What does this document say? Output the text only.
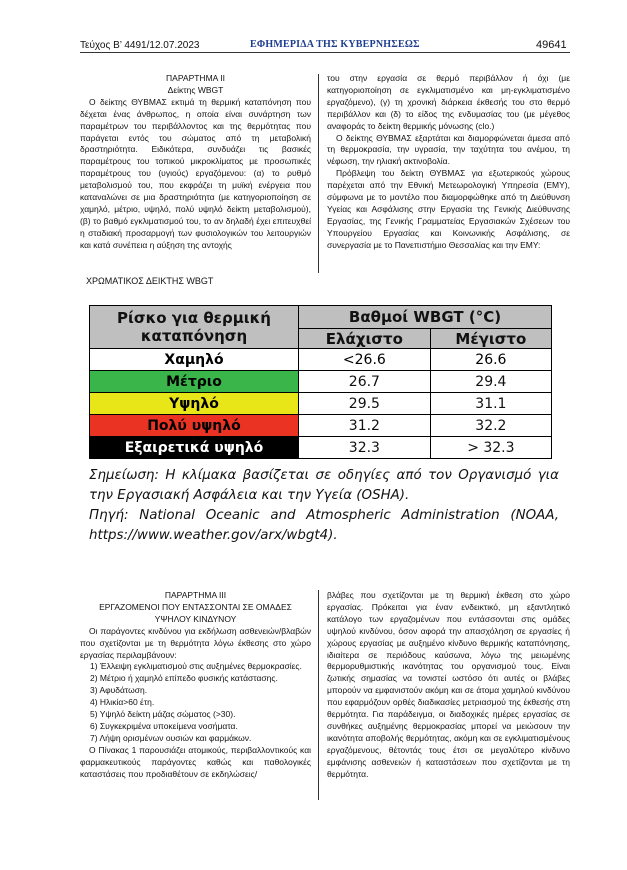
Τεύχος Β’ 4491/12.07.2023	ΕΦΗΜΕΡΙΔΑ ΤΗΣ ΚΥΒΕΡΝΗΣΕΩΣ	49641

ΠΑΡΑΡΤΗΜΑ ΙΙ

Δείκτης WBGT

Ο δείκτης ΘΥΒΜΑΣ εκτιμά τη θερμική καταπόνηση που δέχεται ένας άνθρωπος, η οποία είναι συνάρτηση των παραμέτρων του περιβάλλοντος και της θερμότητας που παράγεται εντός του σώματος από τη μεταβολική δραστηριότητα. Ειδικότερα, συνδυάζει τις βασικές παραμέτρους του τοπικού μικροκλίματος με προσωπικές παραμέτρους του (υγιούς) εργαζόμενου: (α) το ρυθμό μεταβολισμού του, που εκφράζει τη μυϊκή ενέργεια που καταναλώνει σε μια δραστηριότητα (με κατηγοριοποίηση σε χαμηλό, μέτριο, υψηλό, πολύ υψηλό δείκτη μεταβολισμού), (β) το βαθμό εγκλιματισμού του, το αν δηλαδή έχει επιτευχθεί η σταδιακή προσαρμογή των φυσιολογικών του λειτουργιών και κατά συνέπεια η αύξηση της αντοχής

του στην εργασία σε θερμό περιβάλλον ή όχι (με κατηγοριοποίηση σε εγκλιματισμένο και μη-εγκλιματισμένο εργαζόμενο), (γ) τη χρονική διάρκεια έκθεσής του στο θερμό περιβάλλον και (δ) το είδος της ενδυμασίας του (με μέγεθος αναφοράς το δείκτη θερμικής μόνωσης (clo.)

Ο δείκτης ΘΥΒΜΑΣ εξαρτάται και διαμορφώνεται άμεσα από τη θερμοκρασία, την υγρασία, την ταχύτητα του ανέμου, τη νέφωση, την ηλιακή ακτινοβολία.

Πρόβλεψη του δείκτη ΘΥΒΜΑΣ για εξωτερικούς χώρους παρέχεται από την Εθνική Μετεωρολογική Υπηρεσία (ΕΜΥ), σύμφωνα με το μοντέλο που διαμορφώθηκε από τη Διεύθυνση Υγείας και Ασφάλισης στην Εργασία της Γενικής Διεύθυνσης Εργασίας, της Γενικής Γραμματείας Εργασιακών Σχέσεων του Υπουργείου Εργασίας και Κοινωνικής Ασφάλισης, σε συνεργασία με το Πανεπιστήμιο Θεσσαλίας και την ΕΜΥ:

ΧΡΩΜΑΤΙΚΟΣ ΔΕΙΚΤΗΣ WBGT
Ρίσκο για θερμική καταπόνηση	Βαθμοί WBGT (°C)	
	Ελάχιστο	Μέγιστο
Χαμηλό	<26.6	26.6
Μέτριο	26.7	29.4
Υψηλό	29.5	31.1
Πολύ υψηλό	31.2	32.2
Εξαιρετικά υψηλό	32.3	> 32.3

Σημείωση: Η κλίμακα βασίζεται σε οδηγίες από τον Οργανισμό για την Εργασιακή Ασφάλεια και την Υγεία (OSHA).

Πηγή: National Oceanic and Atmospheric Administration (NOAA, https://www.weather.gov/arx/wbgt4).

ΠΑΡΑΡΤΗΜΑ ΙΙΙ

ΕΡΓΑΖΟΜΕΝΟΙ ΠΟΥ ΕΝΤΑΣΣΟΝΤΑΙ ΣΕ ΟΜΑΔΕΣ ΥΨΗΛΟΥ ΚΙΝΔΥΝΟΥ

Οι παράγοντες κινδύνου για εκδήλωση ασθενειών/βλαβών που σχετίζονται με τη θερμότητα λόγω έκθεσης στο χώρο εργασίας περιλαμβάνουν:

1) Έλλειψη εγκλιματισμού στις αυξημένες θερμοκρασίες.

2) Μέτριο ή χαμηλό επίπεδο φυσικής κατάστασης.

3) Αφυδάτωση.

4) Ηλικία>60 έτη.

5) Υψηλό δείκτη μάζας σώματος (>30).

6) Συγκεκριμένα υποκείμενα νοσήματα.

7) Λήψη ορισμένων ουσιών και φαρμάκων.

Ο Πίνακας 1 παρουσιάζει ατομικούς, περιβαλλοντικούς και φαρμακευτικούς παράγοντες καθώς και παθολογικές καταστάσεις που προδιαθέτουν σε εκδηλώσεις/

βλάβες που σχετίζονται με τη θερμική έκθεση στο χώρο εργασίας. Πρόκειται για έναν ενδεικτικό, μη εξαντλητικό κατάλογο των εργαζομένων που εντάσσονται στις ομάδες υψηλού κινδύνου, όσον αφορά την απασχόληση σε εργασίες ή χώρους εργασίας με αυξημένο κίνδυνο θερμικής καταπόνησης, ιδιαίτερα σε περιόδους καύσωνα, λόγω της μειωμένης θερμορυθμιστικής ικανότητας του οργανισμού τους. Είναι ζωτικής σημασίας να τονιστεί ωστόσο ότι αυτές οι βλάβες μπορούν να εμφανιστούν ακόμη και σε άτομα χαμηλού κινδύνου που εφαρμόζουν ορθές διαδικασίες μετριασμού της έκθεσής στη θερμότητα. Για παράδειγμα, οι διαδοχικές ημέρες εργασίας σε συνθήκες αυξημένης θερμοκρασίας μπορεί να μειώσουν την ικανότητα αποβολής θερμότητας, ακόμη και σε εγκλιματισμένους εργαζόμενους, θέτοντάς τους έτσι σε μεγαλύτερο κίνδυνο εμφάνισης ασθενειών ή καταστάσεων που σχετίζονται με τη θερμότητα.
